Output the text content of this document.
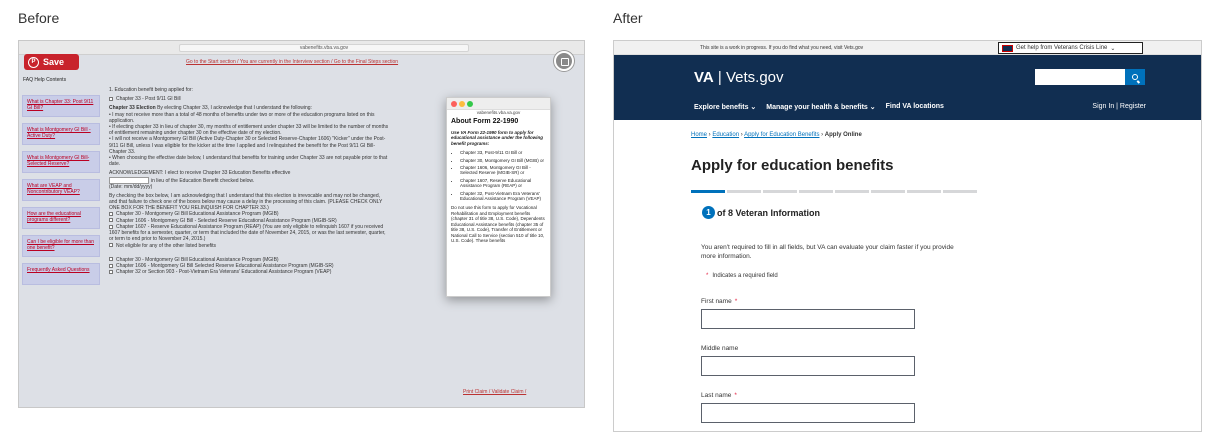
Before	After
vabenefits.vba.va.gov
P Save	Go to the Start section / You are currently in the Interview section / Go to the Final Steps section
FAQ Help Contents
What is Chapter 33: Post 9/11 GI Bill?
What is Montgomery GI Bill - Active Duty?
What is Montgomery GI Bill-Selected Reserve?
What are VEAP and Noncontributory VEAP?
How are the educational programs different?
Can I be eligible for more than one benefit?
Frequently Asked Questions

1. Education benefit being applied for:

Chapter 33 - Post 9/11 GI Bill

Chapter 33 Election By electing Chapter 33, I acknowledge that I understand the following:
• I may not receive more than a total of 48 months of benefits under two or more of the education programs listed on this application.
• If electing chapter 33 in lieu of chapter 30, my months of entitlement under chapter 33 will be limited to the number of months of entitlement remaining under chapter 30 on the effective date of my election.
• I will not receive a Montgomery GI Bill (Active Duty-Chapter 30 or Selected Reserve-Chapter 1606) "Kicker" under the Post-9/11 GI Bill, unless I was eligible for the kicker at the time I applied and I relinquished the benefit for the Post 9/11 GI Bill-Chapter 33.
• When choosing the effective date below, I understand that benefits for training under Chapter 33 are not payable prior to that date.

ACKNOWLEDGEMENT: I elect to receive Chapter 33 Education Benefits effective
in lieu of the Education Benefit checked below.
(Date: mm/dd/yyyy)

By checking the box below, I am acknowledging that I understand that this election is irrevocable and may not be changed, and that failure to check one of the boxes below may cause a delay in the processing of this claim. (PLEASE CHECK ONLY ONE BOX FOR THE BENEFIT YOU RELINQUISH FOR CHAPTER 33.)
Chapter 30 - Montgomery GI Bill Educational Assistance Program (MGIB)
Chapter 1606 - Montgomery GI Bill - Selected Reserve Educational Assistance Program (MGIB-SR)
Chapter 1607 - Reserve Educational Assistance Program (REAP) (You are only eligible to relinquish 1607 if you received 1607 benefits for a semester, quarter, or term that included the date of November 24, 2015, or was the last semester, quarter, or term to end prior to November 24, 2015.)
Not eligible for any of the other listed benefits

Chapter 30 - Montgomery GI Bill Educational Assistance Program (MGIB)
Chapter 1606 - Montgomery GI Bill Selected Reserve Educational Assistance Program (MGIB-SR)
Chapter 32 or Section 903 - Post-Vietnam Era Veterans' Educational Assistance Program (VEAP)

Print Claim / Validate Claim /
vabenefits.vba.va.gov
About Form 22-1990
Use VA Form 22-1990 form to apply for educational assistance under the following benefit programs:
• Chapter 33, Post-9/11 GI Bill or
• Chapter 30, Montgomery GI Bill (MGIB) or
• Chapter 1606, Montgomery GI Bill - Selected Reserve (MGIB-SR) or
• Chapter 1607, Reserve Educational Assistance Program (REAP) or
• Chapter 32, Post-Vietnam Era Veterans' Educational Assistance Program (VEAP)
Do not use this form to apply for Vocational Rehabilitation and Employment benefits (chapter 31 of title 38, U.S. Code), Dependents Educational Assistance benefits (chapter 35 of title 38, U.S. Code), Transfer of Entitlement or National Call to Service (section 510 of title 10, U.S. Code). These benefits
This site is a work in progress. If you do find what you need, visit Vets.gov	Get help from Veterans Crisis Line ⌄
VA | Vets.gov
Explore benefits ⌄ Manage your health & benefits ⌄ Find VA locations	Sign In | Register
Home › Education › Apply for Education Benefits › Apply Online
Apply for education benefits
1 of 8 Veteran Information
You aren't required to fill in all fields, but VA can evaluate your claim faster if you provide more information.
* Indicates a required field
First name *
Middle name
Last name *
